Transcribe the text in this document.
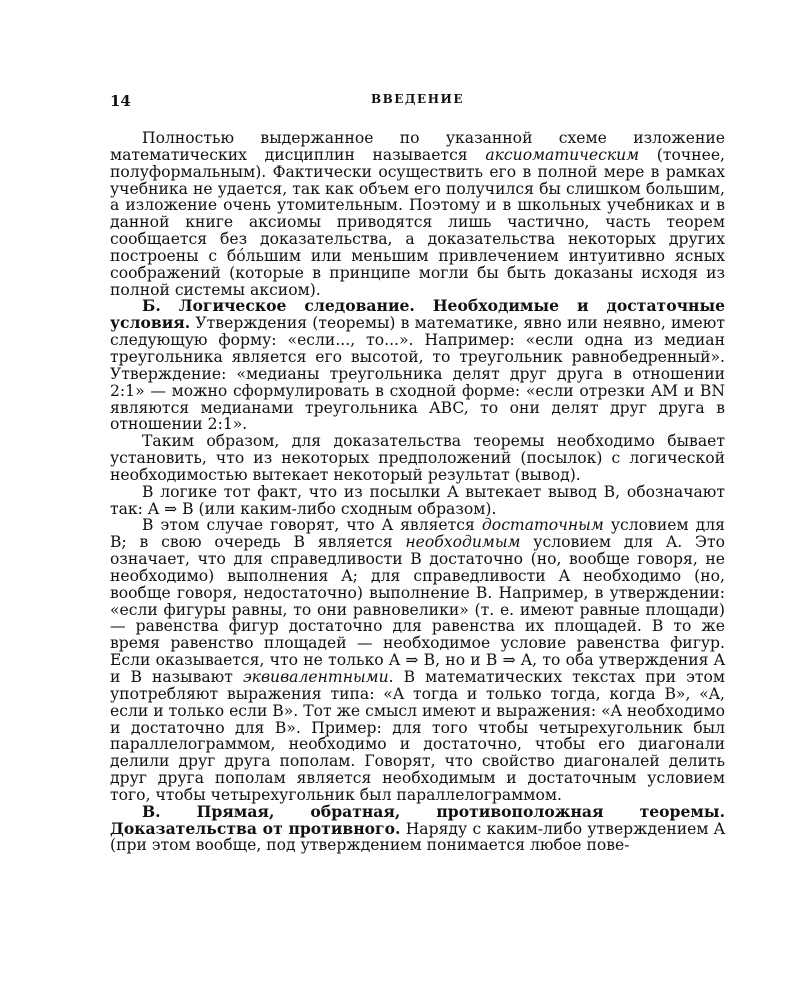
14	ВВЕДЕНИЕ

Полностью выдержанное по указанной схеме изложение математических дисциплин называется аксиоматическим (точнее, полуформальным). Фактически осуществить его в полной мере в рамках учебника не удается, так как объем его получился бы слишком большим, а изложение очень утомительным. Поэтому и в школьных учебниках и в данной книге аксиомы приводятся лишь частично, часть теорем сообщается без доказательства, а доказательства некоторых других построены с бóльшим или меньшим привлечением интуитивно ясных соображений (которые в принципе могли бы быть доказаны исходя из полной системы аксиом).

Б. Логическое следование. Необходимые и достаточные условия. Утверждения (теоремы) в математике, явно или неявно, имеют следующую форму: «если..., то...». Например: «если одна из медиан треугольника является его высотой, то треугольник равнобедренный». Утверждение: «медианы треугольника делят друг друга в отношении 2:1» — можно сформулировать в сходной форме: «если отрезки AM и BN являются медианами треугольника ABC, то они делят друг друга в отношении 2:1».

Таким образом, для доказательства теоремы необходимо бывает установить, что из некоторых предположений (посылок) с логической необходимостью вытекает некоторый результат (вывод).

В логике тот факт, что из посылки A вытекает вывод B, обозначают так: A ⇒ B (или каким-либо сходным образом).

В этом случае говорят, что A является достаточным условием для B; в свою очередь B является необходимым условием для A. Это означает, что для справедливости B достаточно (но, вообще говоря, не необходимо) выполнения A; для справедливости A необходимо (но, вообще говоря, недостаточно) выполнение B. Например, в утверждении: «если фигуры равны, то они равновелики» (т. е. имеют равные площади) — равенства фигур достаточно для равенства их площадей. В то же время равенство площадей — необходимое условие равенства фигур. Если оказывается, что не только A ⇒ B, но и B ⇒ A, то оба утверждения A и B называют эквивалентными. В математических текстах при этом употребляют выражения типа: «A тогда и только тогда, когда B», «A, если и только если B». Тот же смысл имеют и выражения: «A необходимо и достаточно для B». Пример: для того чтобы четырехугольник был параллелограммом, необходимо и достаточно, чтобы его диагонали делили друг друга пополам. Говорят, что свойство диагоналей делить друг друга пополам является необходимым и достаточным условием того, чтобы четырехугольник был параллелограммом.

В. Прямая, обратная, противоположная теоремы. Доказательства от противного. Наряду с каким-либо утверждением A (при этом вообще, под утверждением понимается любое пове-
